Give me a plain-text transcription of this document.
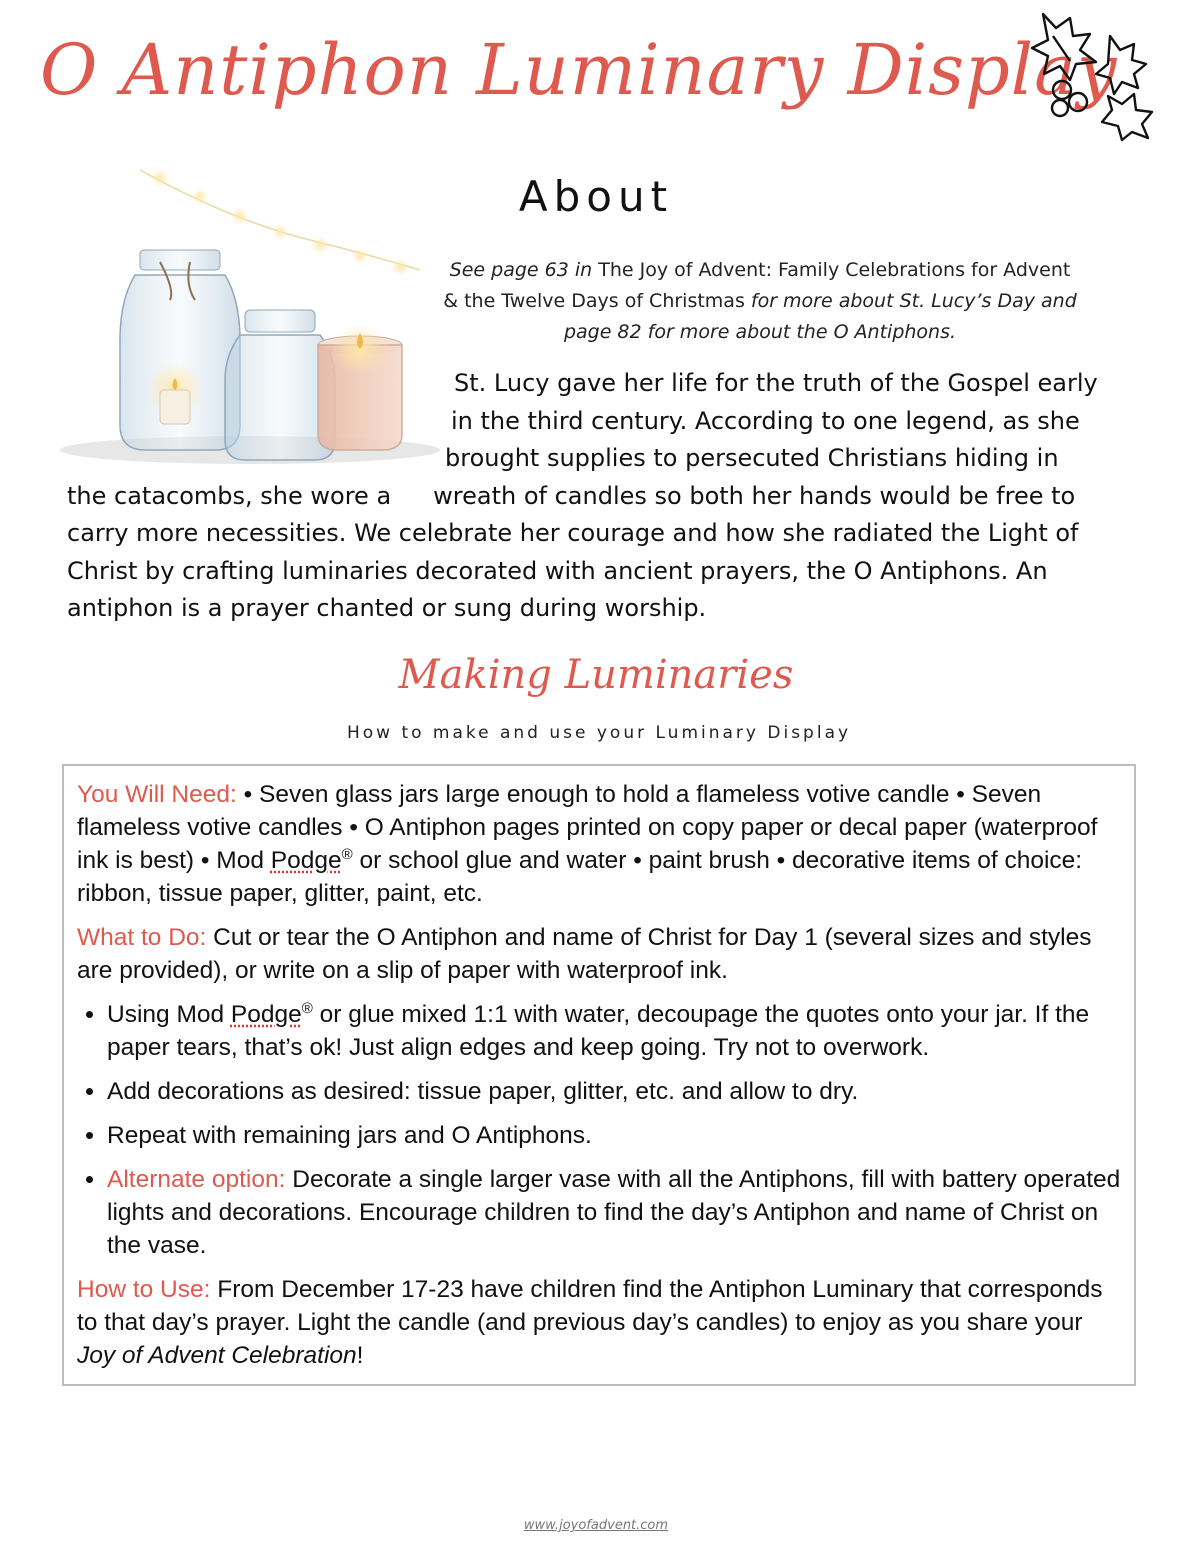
O Antiphon Luminary Display
About
See page 63 in The Joy of Advent: Family Celebrations for Advent & the Twelve Days of Christmas for more about St. Lucy’s Day and page 82 for more about the O Antiphons.
St. Lucy gave her life for the truth of the Gospel early
in the third century. According to one legend, as she
brought supplies to persecuted Christians hiding in
the catacombs, she wore a wreath of candles so both her hands would be free to
carry more necessities. We celebrate her courage and how she radiated the Light of
Christ by crafting luminaries decorated with ancient prayers, the O Antiphons. An
antiphon is a prayer chanted or sung during worship.
Making Luminaries
How to make and use your Luminary Display

You Will Need: • Seven glass jars large enough to hold a flameless votive candle • Seven flameless votive candles • O Antiphon pages printed on copy paper or decal paper (waterproof ink is best) • Mod Podge® or school glue and water • paint brush • decorative items of choice: ribbon, tissue paper, glitter, paint, etc.

What to Do: Cut or tear the O Antiphon and name of Christ for Day 1 (several sizes and styles are provided), or write on a slip of paper with waterproof ink.

• Using Mod Podge® or glue mixed 1:1 with water, decoupage the quotes onto your jar. If the paper tears, that’s ok! Just align edges and keep going. Try not to overwork.
• Add decorations as desired: tissue paper, glitter, etc. and allow to dry.
• Repeat with remaining jars and O Antiphons.
• Alternate option: Decorate a single larger vase with all the Antiphons, fill with battery operated lights and decorations. Encourage children to find the day’s Antiphon and name of Christ on the vase.

How to Use: From December 17-23 have children find the Antiphon Luminary that corresponds to that day’s prayer. Light the candle (and previous day’s candles) to enjoy as you share your Joy of Advent Celebration!

www.joyofadvent.com
